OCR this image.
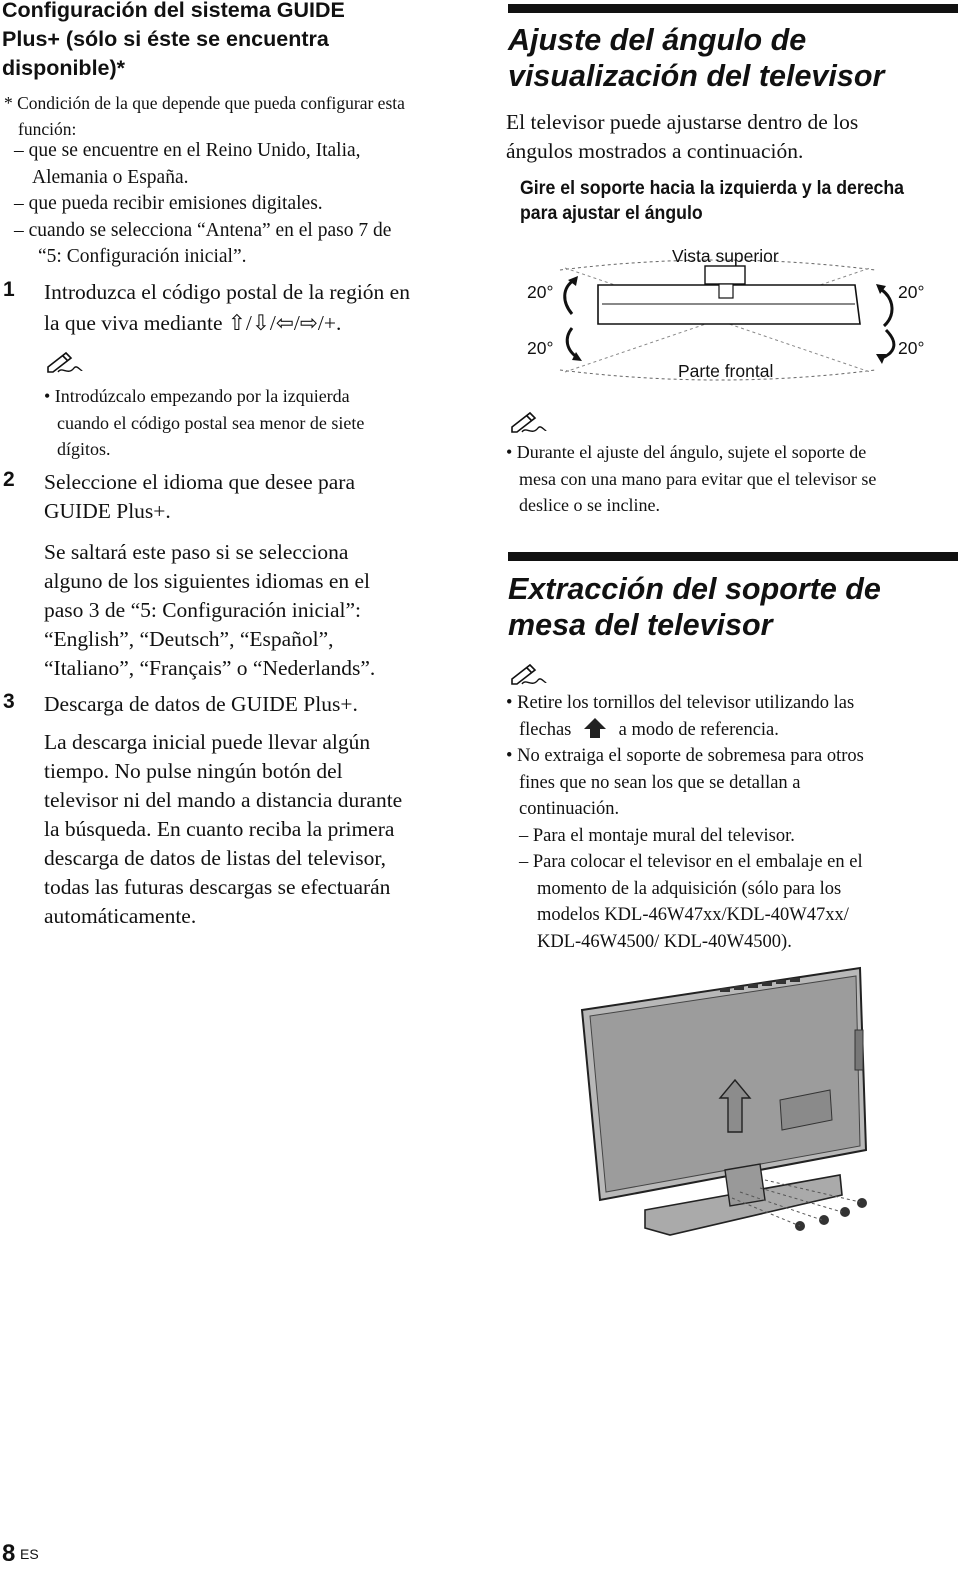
Configuración del sistema GUIDE
Plus+ (sólo si éste se encuentra
disponible)*
* Condición de la que depende que pueda configurar esta
función:
– que se encuentre en el Reino Unido, Italia,
Alemania o España.
– que pueda recibir emisiones digitales.
– cuando se selecciona “Antena” en el paso 7 de
“5: Configuración inicial”.
1 Introduzca el código postal de la región en
la que viva mediante ⇧/⇩/⇦/⇨/+.
• Introdúzcalo empezando por la izquierda
cuando el código postal sea menor de siete
dígitos.
2 Seleccione el idioma que desee para
GUIDE Plus+.
Se saltará este paso si se selecciona
alguno de los siguientes idiomas en el
paso 3 de “5: Configuración inicial”:
“English”, “Deutsch”, “Español”,
“Italiano”, “Français” o “Nederlands”.
3 Descarga de datos de GUIDE Plus+.
La descarga inicial puede llevar algún
tiempo. No pulse ningún botón del
televisor ni del mando a distancia durante
la búsqueda. En cuanto reciba la primera
descarga de datos de listas del televisor,
todas las futuras descargas se efectuarán
automáticamente.
Ajuste del ángulo de
visualización del televisor
El televisor puede ajustarse dentro de los
ángulos mostrados a continuación.
Gire el soporte hacia la izquierda y la derecha
para ajustar el ángulo
Vista superior
Parte frontal
20°	20°
20°	20°
• Durante el ajuste del ángulo, sujete el soporte de
mesa con una mano para evitar que el televisor se
deslice o se incline.
Extracción del soporte de
mesa del televisor
• Retire los tornillos del televisor utilizando las
flechas	a modo de referencia.
• No extraiga el soporte de sobremesa para otros
fines que no sean los que se detallan a
continuación.
– Para el montaje mural del televisor.
– Para colocar el televisor en el embalaje en el
momento de la adquisición (sólo para los
modelos KDL-46W47xx/KDL-40W47xx/
KDL-46W4500/ KDL-40W4500).
8 ES
